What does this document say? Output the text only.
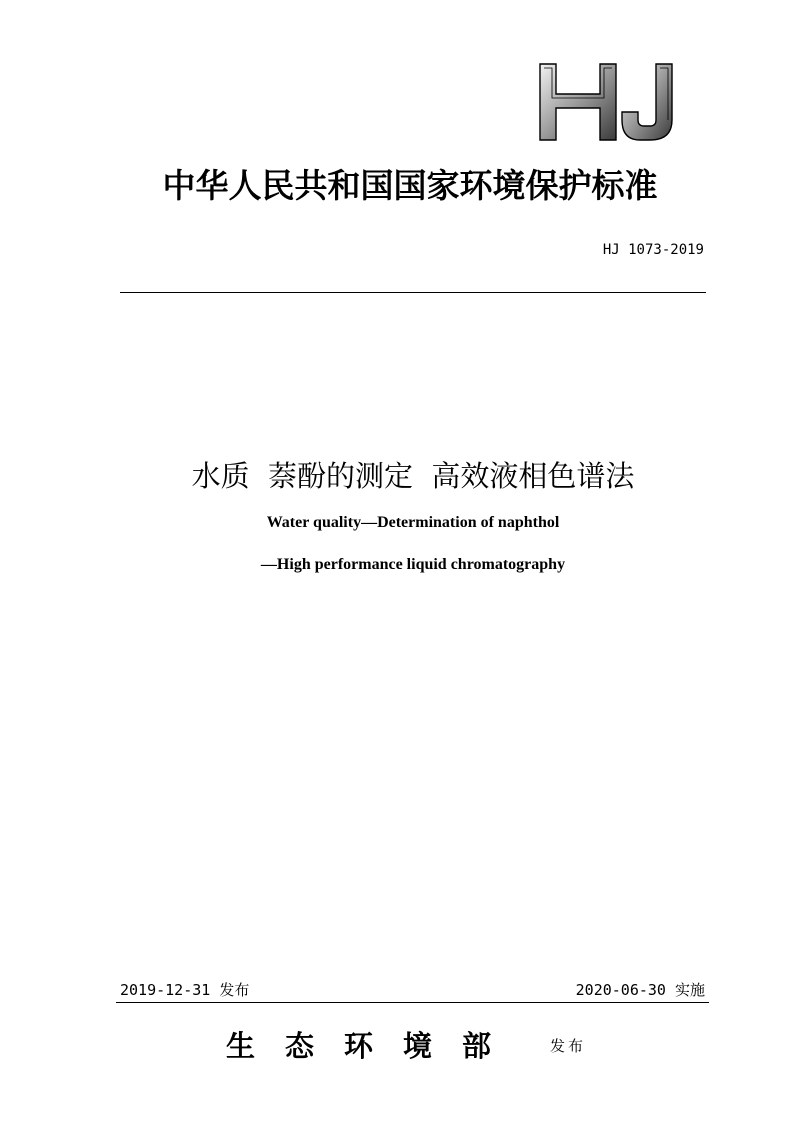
中华人民共和国国家环境保护标准
HJ 1073-2019
水质  萘酚的测定  高效液相色谱法
Water quality—Determination of naphthol
—High performance liquid chromatography
2019-12-31 发布	2020-06-30 实施
生态环境部 发布
